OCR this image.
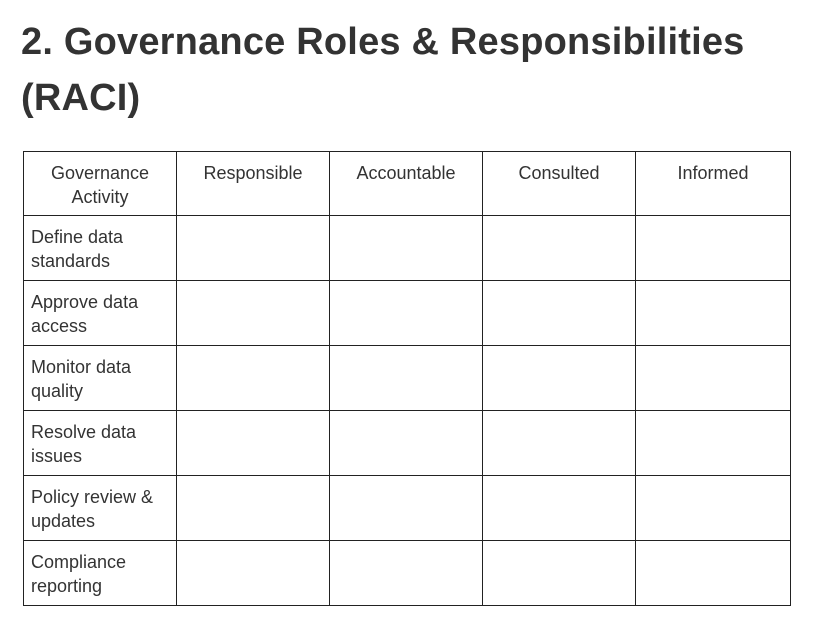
2. Governance Roles & Responsibilities (RACI)
Governance Activity	Responsible	Accountable	Consulted	Informed
Define data standards				
Approve data access				
Monitor data quality				
Resolve data issues				
Policy review & updates				
Compliance reporting				
